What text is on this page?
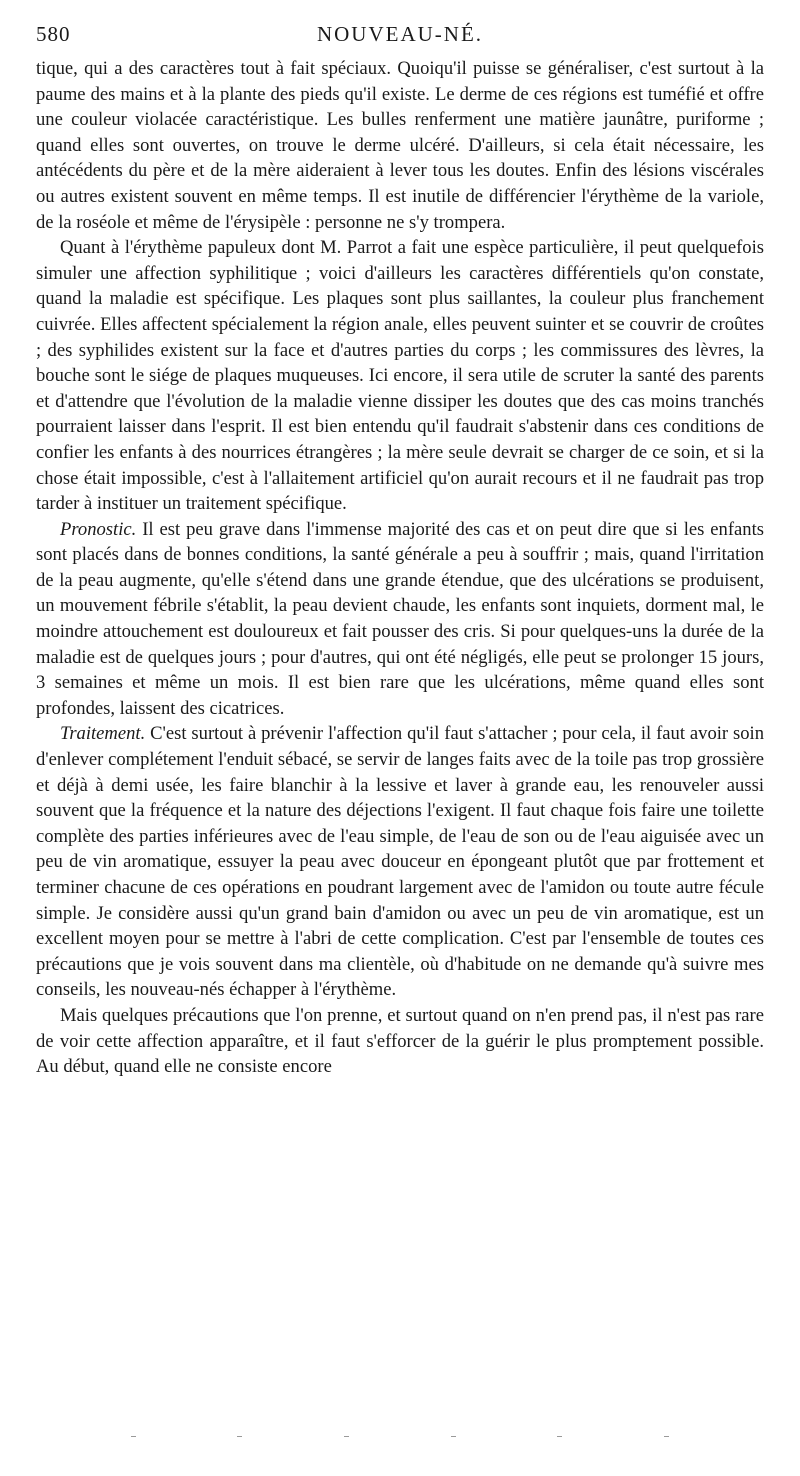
580	NOUVEAU-NÉ.

tique, qui a des caractères tout à fait spéciaux. Quoiqu'il puisse se généraliser, c'est surtout à la paume des mains et à la plante des pieds qu'il existe. Le derme de ces régions est tuméfié et offre une couleur violacée caractéristique. Les bulles renferment une matière jaunâtre, puriforme ; quand elles sont ouvertes, on trouve le derme ulcéré. D'ailleurs, si cela était nécessaire, les antécédents du père et de la mère aideraient à lever tous les doutes. Enfin des lésions viscérales ou autres existent souvent en même temps. Il est inutile de différencier l'érythème de la variole, de la roséole et même de l'érysipèle : personne ne s'y trompera.

Quant à l'érythème papuleux dont M. Parrot a fait une espèce particulière, il peut quelquefois simuler une affection syphilitique ; voici d'ailleurs les caractères différentiels qu'on constate, quand la maladie est spécifique. Les plaques sont plus saillantes, la couleur plus franchement cuivrée. Elles affectent spécialement la région anale, elles peuvent suinter et se couvrir de croûtes ; des syphilides existent sur la face et d'autres parties du corps ; les commissures des lèvres, la bouche sont le siége de plaques muqueuses. Ici encore, il sera utile de scruter la santé des parents et d'attendre que l'évolution de la maladie vienne dissiper les doutes que des cas moins tranchés pourraient laisser dans l'esprit. Il est bien entendu qu'il faudrait s'abstenir dans ces conditions de confier les enfants à des nourrices étrangères ; la mère seule devrait se charger de ce soin, et si la chose était impossible, c'est à l'allaitement artificiel qu'on aurait recours et il ne faudrait pas trop tarder à instituer un traitement spécifique.

Pronostic. Il est peu grave dans l'immense majorité des cas et on peut dire que si les enfants sont placés dans de bonnes conditions, la santé générale a peu à souffrir ; mais, quand l'irritation de la peau augmente, qu'elle s'étend dans une grande étendue, que des ulcérations se produisent, un mouvement fébrile s'établit, la peau devient chaude, les enfants sont inquiets, dorment mal, le moindre attouchement est douloureux et fait pousser des cris. Si pour quelques-uns la durée de la maladie est de quelques jours ; pour d'autres, qui ont été négligés, elle peut se prolonger 15 jours, 3 semaines et même un mois. Il est bien rare que les ulcérations, même quand elles sont profondes, laissent des cicatrices.

Traitement. C'est surtout à prévenir l'affection qu'il faut s'attacher ; pour cela, il faut avoir soin d'enlever complétement l'enduit sébacé, se servir de langes faits avec de la toile pas trop grossière et déjà à demi usée, les faire blanchir à la lessive et laver à grande eau, les renouveler aussi souvent que la fréquence et la nature des déjections l'exigent. Il faut chaque fois faire une toilette complète des parties inférieures avec de l'eau simple, de l'eau de son ou de l'eau aiguisée avec un peu de vin aromatique, essuyer la peau avec douceur en épongeant plutôt que par frottement et terminer chacune de ces opérations en poudrant largement avec de l'amidon ou toute autre fécule simple. Je considère aussi qu'un grand bain d'amidon ou avec un peu de vin aromatique, est un excellent moyen pour se mettre à l'abri de cette complication. C'est par l'ensemble de toutes ces précautions que je vois souvent dans ma clientèle, où d'habitude on ne demande qu'à suivre mes conseils, les nouveau-nés échapper à l'érythème.

Mais quelques précautions que l'on prenne, et surtout quand on n'en prend pas, il n'est pas rare de voir cette affection apparaître, et il faut s'efforcer de la guérir le plus promptement possible. Au début, quand elle ne consiste encore
